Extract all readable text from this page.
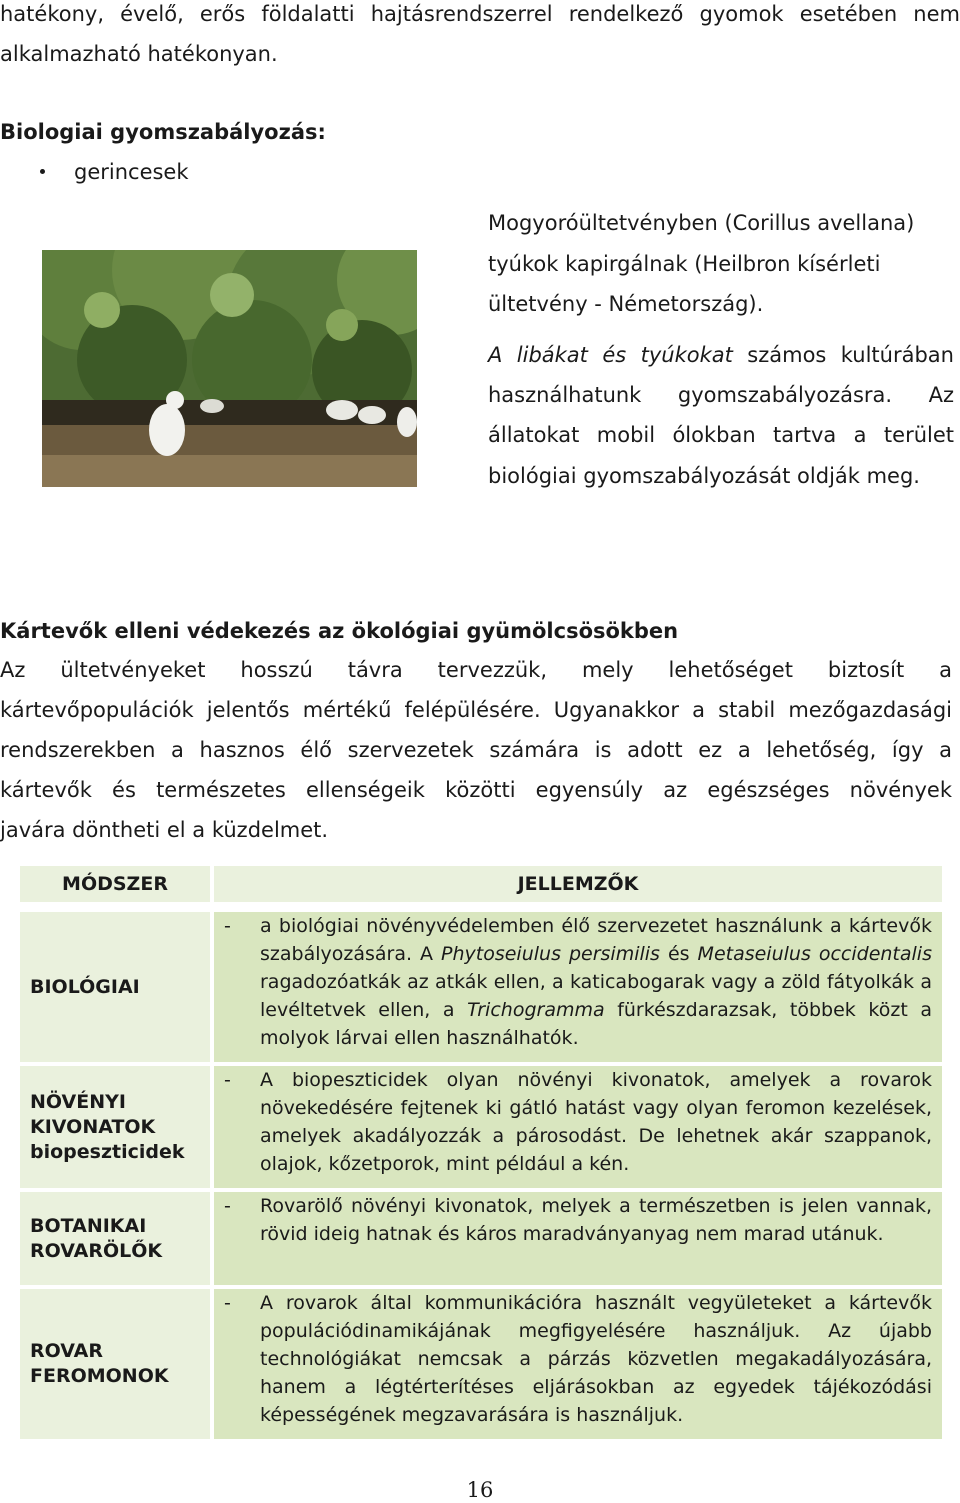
hatékony, évelő, erős földalatti hajtásrendszerrel rendelkező gyomok esetében nem
alkalmazható hatékonyan.
Biologiai gyomszabályozás:
gerincesek
Mogyoróültetvényben (Corillus avellana)
tyúkok kapirgálnak (Heilbron kísérleti
ültetvény - Németország).
A libákat és tyúkokat számos kultúrában
használhatunk gyomszabályozásra. Az
állatokat mobil ólokban tartva a terület
biológiai gyomszabályozását oldják meg.
Kártevők elleni védekezés az ökológiai gyümölcsösökben
Az ültetvényeket hosszú távra tervezzük, mely lehetőséget biztosít a
kártevőpopulációk jelentős mértékű felépülésére. Ugyanakkor a stabil mezőgazdasági
rendszerekben a hasznos élő szervezetek számára is adott ez a lehetőség, így a
kártevők és természetes ellenségeik közötti egyensúly az egészséges növények
javára döntheti el a küzdelmet.
MÓDSZER	JELLEMZŐK
BIOLÓGIAI
- a biológiai növényvédelemben élő szervezetet használunk a kártevők szabályozására. A Phytoseiulus persimilis és Metaseiulus occidentalis ragadozóatkák az atkák ellen, a katicabogarak vagy a zöld fátyolkák a levéltetvek ellen, a Trichogramma fürkészdarazsak, többek közt a molyok lárvai ellen használhatók.
NÖVÉNYI
KIVONATOK
biopeszticidek
- A biopeszticidek olyan növényi kivonatok, amelyek a rovarok növekedésére fejtenek ki gátló hatást vagy olyan feromon kezelések, amelyek akadályozzák a párosodást. De lehetnek akár szappanok, olajok, kőzetporok, mint például a kén.
BOTANIKAI
ROVARÖLŐK
- Rovarölő növényi kivonatok, melyek a természetben is jelen vannak, rövid ideig hatnak és káros maradványanyag nem marad utánuk.
ROVAR
FEROMONOK
- A rovarok által kommunikációra használt vegyületeket a kártevők populációdinamikájának megfigyelésére használjuk. Az újabb technológiákat nemcsak a párzás közvetlen megakadályozására, hanem a légtérterítéses eljárásokban az egyedek tájékozódási képességének megzavarására is használjuk.
16
